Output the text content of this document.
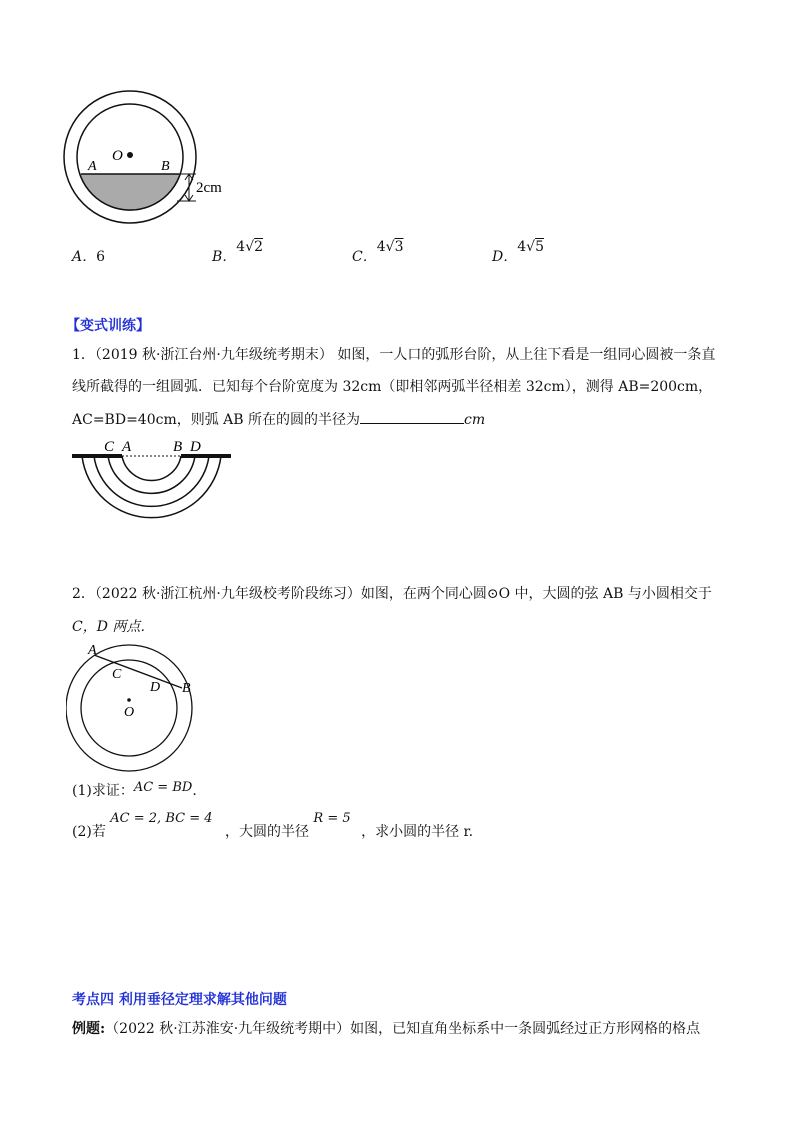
O
A	B
2cm
A．6	B．4√2
C．4√3
D．4√5
【变式训练】
1．（2019 秋·浙江台州·九年级统考期末） 如图，一人口的弧形台阶，从上往下看是一组同心圆被一条直
线所截得的一组圆弧．已知每个台阶宽度为 32cm（即相邻两弧半径相差 32cm），测得 AB=200cm，
AC=BD=40cm，则弧 AB 所在的圆的半径为	cm
C A	B D
2．（2022 秋·浙江杭州·九年级校考阶段练习）如图，在两个同心圆⊙O 中，大圆的弦 AB 与小圆相交于
C，D 两点．
A
C
D B
O
(1)求证：AC = BD.
(2)若 AC = 2, BC = 4 ，大圆的半径 R = 5 ，求小圆的半径 r.
考点四 利用垂径定理求解其他问题
例题:（2022 秋·江苏淮安·九年级统考期中）如图，已知直角坐标系中一条圆弧经过正方形网格的格点
